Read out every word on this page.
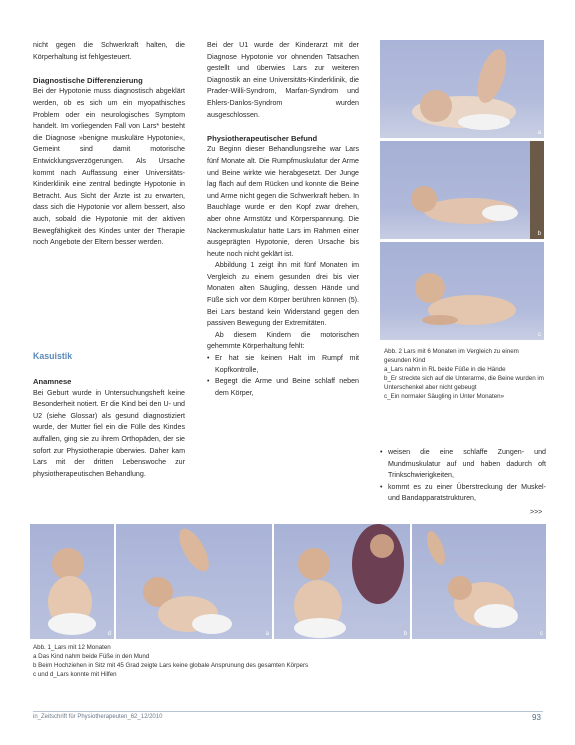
nicht gegen die Schwerkraft halten, die Körperhaltung ist fehlgesteuert.

Diagnostische Differenzierung

Bei der Hypotonie muss diagnostisch abgeklärt werden, ob es sich um ein myopathisches Problem oder ein neurologisches Symptom handelt. Im vorliegenden Fall von Lars* besteht die Diagnose »benigne muskuläre Hypotonie«, Gemeint sind damit motorische Entwicklungsverzögerungen. Als Ursache kommt nach Auffassung einer Universitäts-Kinderklinik eine zentral bedingte Hypotonie in Betracht. Aus Sicht der Ärzte ist zu erwarten, dass sich die Hypotonie vor allem bessert, also auch, sobald die Hypotonie mit der aktiven Bewegfähigkeit des Kindes unter der Therapie noch Angebote der Eltern besser werden.

Kasuistik

Anamnese

Bei Geburt wurde in Untersuchungsheft keine Besonderheit notiert. Er die Kind bei den U- und U2 (siehe Glossar) als gesund diagnostiziert wurde, der Mutter fiel ein die Fülle des Kindes auffallen, ging sie zu ihrem Orthopäden, der sie sofort zur Physiotherapie überwies. Daher kam Lars mit der dritten Lebenswoche zur physiotherapeutischen Behandlung.

Bei der U1 wurde der Kinderarzt mit der Diagnose Hypotonie vor ohnenden Tatsachen gestellt und überwies Lars zur weiteren Diagnostik an eine Universitäts-Kinderklinik, die Prader-Willi-Syndrom, Marfan-Syndrom und Ehlers-Danlos-Syndrom wurden ausgeschlossen.

Physiotherapeutischer Befund

Zu Beginn dieser Behandlungsreihe war Lars fünf Monate alt. Die Rumpfmuskulatur der Arme und Beine wirkte wie herabgesetzt. Der Junge lag flach auf dem Rücken und konnte die Beine und Arme nicht gegen die Schwerkraft heben. In Bauchlage wurde er den Kopf zwar drehen, aber ohne Armstütz und Körperspannung. Die Nackenmuskulatur hatte Lars im Rahmen einer ausgeprägten Hypotonie, deren Ursache bis heute noch nicht geklärt ist.

Abbildung 1 zeigt ihn mit fünf Monaten im Vergleich zu einem gesunden drei bis vier Monaten alten Säugling, dessen Hände und Füße sich vor dem Körper berühren können (5). Bei Lars bestand kein Widerstand gegen den passiven Bewegung der Extremitäten.

Ab diesem Kindern die motorischen gehemmte Körperhaltung fehlt:

• Er hat sie keinen Halt im Rumpf mit Kopfkontrolle,
• Begegt die Arme und Beine schlaff neben dem Körper,
a
b
c

Abb. 2 Lars mit 6 Monaten im Vergleich zu einem gesunden Kind

a_Lars nahm in RL beide Füße in die Hände

b_Er streckte sich auf die Unterarme, die Beine wurden im Unterschenkel aber nicht gebeugt

c_Ein normaler Säugling in Unter Monaten»

• weisen die eine schlaffe Zungen- und Mundmuskulatur auf und haben dadurch oft Trinkschwierigkeiten,
• kommt es zu einer Überstreckung der Muskel- und Bandapparatstrukturen,
>>>
d	a	b	c

Abb. 1_Lars mit 12 Monaten

a Das Kind nahm beide Füße in den Mund

b Beim Hochziehen in Sitz mit 45 Grad zeigte Lars keine globale Ansprunung des gesamten Körpers

c und d_Lars konnte mit Hilfen

in_Zeitschrift für Physiotherapeuten_62_12/2010	93
